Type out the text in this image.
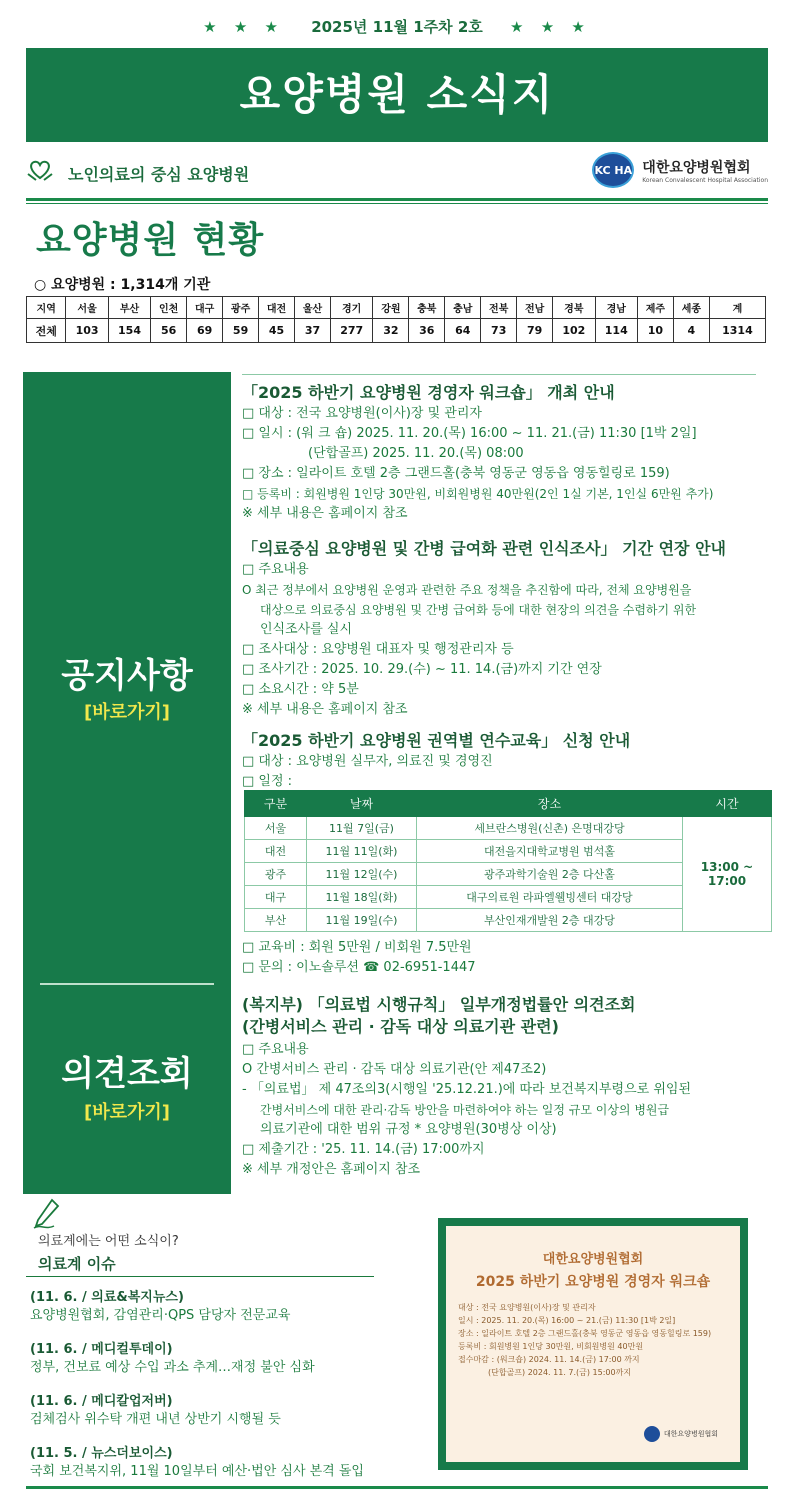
★ ★ ★ 2025년 11월 1주차 2호 ★ ★ ★
요양병원 소식지
노인의료의 중심 요양병원	KC HA 대한요양병원협회
Korean Convalescent Hospital Association
요양병원 현황
○ 요양병원 : 1,314개 기관
지역	서울	부산	인천	대구	광주	대전	울산	경기	강원	충북	충남	전북	전남	경북	경남	제주	세종	계
전체	103	154	56	69	59	45	37	277	32	36	64	73	79	102	114	10	4	1314
공지사항
[바로가기]
의견조회
[바로가기]
「2025 하반기 요양병원 경영자 워크숍」 개최 안내
□ 대상 : 전국 요양병원(이사)장 및 관리자
□ 일시 : (워 크 숍) 2025. 11. 20.(목) 16:00 ~ 11. 21.(금) 11:30 [1박 2일]
(단합골프) 2025. 11. 20.(목) 08:00
□ 장소 : 일라이트 호텔 2층 그랜드홀(충북 영동군 영동읍 영동힐링로 159)
□ 등록비 : 회원병원 1인당 30만원, 비회원병원 40만원(2인 1실 기본, 1인실 6만원 추가)
※ 세부 내용은 홈페이지 참조
「의료중심 요양병원 및 간병 급여화 관련 인식조사」 기간 연장 안내
□ 주요내용
O 최근 정부에서 요양병원 운영과 관련한 주요 정책을 추진함에 따라, 전체 요양병원을
대상으로 의료중심 요양병원 및 간병 급여화 등에 대한 현장의 의견을 수렴하기 위한
인식조사를 실시
□ 조사대상 : 요양병원 대표자 및 행정관리자 등
□ 조사기간 : 2025. 10. 29.(수) ~ 11. 14.(금)까지 기간 연장
□ 소요시간 : 약 5분
※ 세부 내용은 홈페이지 참조
「2025 하반기 요양병원 권역별 연수교육」 신청 안내
□ 대상 : 요양병원 실무자, 의료진 및 경영진
□ 일정 :
구분	날짜	장소	시간
서울	11월 7일(금)	세브란스병원(신촌) 은명대강당	13:00 ~ 17:00
대전	11월 11일(화)	대전을지대학교병원 범석홀	
광주	11월 12일(수)	광주과학기술원 2층 다산홀	
대구	11월 18일(화)	대구의료원 라파엘웰빙센터 대강당	
부산	11월 19일(수)	부산인재개발원 2층 대강당	
□ 교육비 : 회원 5만원 / 비회원 7.5만원
□ 문의 : 이노솔루션 ☎ 02-6951-1447
(복지부) 「의료법 시행규칙」 일부개정법률안 의견조회
(간병서비스 관리 · 감독 대상 의료기관 관련)
□ 주요내용
O 간병서비스 관리 · 감독 대상 의료기관(안 제47조2)
- 「의료법」 제 47조의3(시행일 '25.12.21.)에 따라 보건복지부령으로 위임된
간병서비스에 대한 관리·감독 방안을 마련하여야 하는 일정 규모 이상의 병원급
의료기관에 대한 범위 규정 * 요양병원(30병상 이상)
□ 제출기간 : '25. 11. 14.(금) 17:00까지
※ 세부 개정안은 홈페이지 참조
의료계에는 어떤 소식이?
의료계 이슈
(11. 6. / 의료&복지뉴스)
요양병원협회, 감염관리·QPS 담당자 전문교육
(11. 6. / 메디컬투데이)
정부, 건보료 예상 수입 과소 추계…재정 불안 심화
(11. 6. / 메디칼업저버)
검체검사 위수탁 개편 내년 상반기 시행될 듯
(11. 5. / 뉴스더보이스)
국회 보건복지위, 11월 10일부터 예산·법안 심사 본격 돌입
대한요양병원협회
2025 하반기 요양병원 경영자 워크숍
대상 : 전국 요양병원(이사)장 및 관리자
일시 : 2025. 11. 20.(목) 16:00 ~ 21.(금) 11:30 [1박 2일]
장소 : 일라이트 호텔 2층 그랜드홀(충북 영동군 영동읍 영동힐링로 159)
등록비 : 회원병원 1인당 30만원, 비회원병원 40만원
접수마감 : (워크숍) 2024. 11. 14.(금) 17:00 까지
(단합골프) 2024. 11. 7.(금) 15:00까지
대한요양병원협회
